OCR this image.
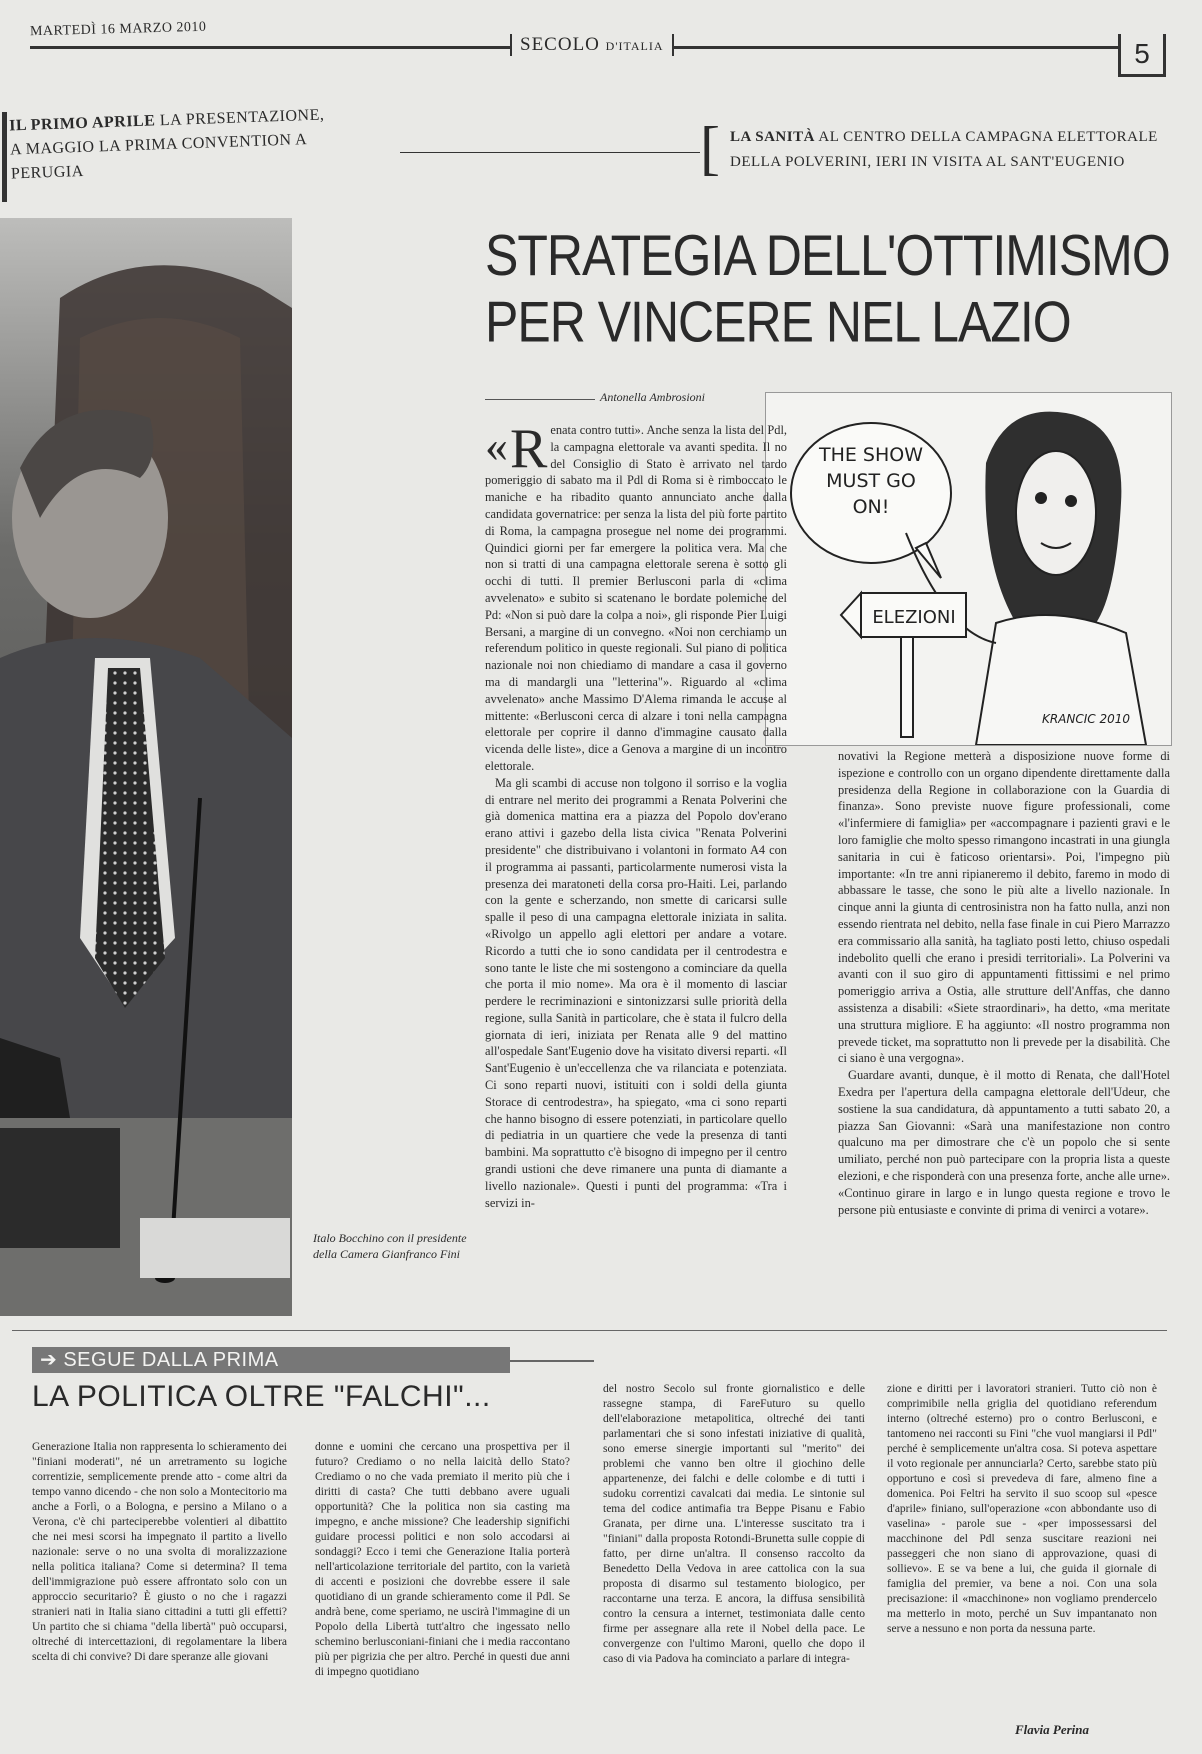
MARTEDÌ 16 MARZO 2010
SECOLO D'ITALIA	5
IL PRIMO APRILE LA PRESENTAZIONE,
A MAGGIO LA PRIMA CONVENTION A PERUGIA	[ LA SANITÀ AL CENTRO DELLA CAMPAGNA ELETTORALE
DELLA POLVERINI, IERI IN VISITA AL SANT'EUGENIO
STRATEGIA DELL'OTTIMISMO
PER VINCERE NEL LAZIO
Italo Bocchino con il presidente della Camera Gianfranco Fini
Antonella Ambrosioni
THE SHOW
MUST GO
ON!
ELEZIONI
KRANCIC 2010

« R enata contro tutti». Anche senza la lista del Pdl, la campagna elettorale va avanti spedita. Il no del Consiglio di Stato è arrivato nel tardo pomeriggio di sabato ma il Pdl di Roma si è rimboccato le maniche e ha ribadito quanto annunciato anche dalla candidata governatrice: per senza la lista del più forte partito di Roma, la campagna prosegue nel nome dei programmi. Quindici giorni per far emergere la politica vera. Ma che non si tratti di una campagna elettorale serena è sotto gli occhi di tutti. Il premier Berlusconi parla di «clima avvelenato» e subito si scatenano le bordate polemiche del Pd: «Non si può dare la colpa a noi», gli risponde Pier Luigi Bersani, a margine di un convegno. «Noi non cerchiamo un referendum politico in queste regionali. Sul piano di politica nazionale noi non chiediamo di mandare a casa il governo ma di mandargli una "letterina"». Riguardo al «clima avvelenato» anche Massimo D'Alema rimanda le accuse al mittente: «Berlusconi cerca di alzare i toni nella campagna elettorale per coprire il danno d'immagine causato dalla vicenda delle liste», dice a Genova a margine di un incontro elettorale.

Ma gli scambi di accuse non tolgono il sorriso e la voglia di entrare nel merito dei programmi a Renata Polverini che già domenica mattina era a piazza del Popolo dov'erano erano attivi i gazebo della lista civica "Renata Polverini presidente" che distribuivano i volantoni in formato A4 con il programma ai passanti, particolarmente numerosi vista la presenza dei maratoneti della corsa pro-Haiti. Lei, parlando con la gente e scherzando, non smette di caricarsi sulle spalle il peso di una campagna elettorale iniziata in salita. «Rivolgo un appello agli elettori per andare a votare. Ricordo a tutti che io sono candidata per il centrodestra e sono tante le liste che mi sostengono a cominciare da quella che porta il mio nome». Ma ora è il momento di lasciar perdere le recriminazioni e sintonizzarsi sulle priorità della regione, sulla Sanità in particolare, che è stata il fulcro della giornata di ieri, iniziata per Renata alle 9 del mattino all'ospedale Sant'Eugenio dove ha visitato diversi reparti. «Il Sant'Eugenio è un'eccellenza che va rilanciata e potenziata. Ci sono reparti nuovi, istituiti con i soldi della giunta Storace di centrodestra», ha spiegato, «ma ci sono reparti che hanno bisogno di essere potenziati, in particolare quello di pediatria in un quartiere che vede la presenza di tanti bambini. Ma soprattutto c'è bisogno di impegno per il centro grandi ustioni che deve rimanere una punta di diamante a livello nazionale». Questi i punti del programma: «Tra i servizi in-

novativi la Regione metterà a disposizione nuove forme di ispezione e controllo con un organo dipendente direttamente dalla presidenza della Regione in collaborazione con la Guardia di finanza». Sono previste nuove figure professionali, come «l'infermiere di famiglia» per «accompagnare i pazienti gravi e le loro famiglie che molto spesso rimangono incastrati in una giungla sanitaria in cui è faticoso orientarsi». Poi, l'impegno più importante: «In tre anni ripianeremo il debito, faremo in modo di abbassare le tasse, che sono le più alte a livello nazionale. In cinque anni la giunta di centrosinistra non ha fatto nulla, anzi non essendo rientrata nel debito, nella fase finale in cui Piero Marrazzo era commissario alla sanità, ha tagliato posti letto, chiuso ospedali indebolito quelli che erano i presidi territoriali». La Polverini va avanti con il suo giro di appuntamenti fittissimi e nel primo pomeriggio arriva a Ostia, alle strutture dell'Anffas, che danno assistenza a disabili: «Siete straordinari», ha detto, «ma meritate una struttura migliore. E ha aggiunto: «Il nostro programma non prevede ticket, ma soprattutto non li prevede per la disabilità. Che ci siano è una vergogna».

Guardare avanti, dunque, è il motto di Renata, che dall'Hotel Exedra per l'apertura della campagna elettorale dell'Udeur, che sostiene la sua candidatura, dà appuntamento a tutti sabato 20, a piazza San Giovanni: «Sarà una manifestazione non contro qualcuno ma per dimostrare che c'è un popolo che si sente umiliato, perché non può partecipare con la propria lista a queste elezioni, e che risponderà con una presenza forte, anche alle urne». «Continuo girare in largo e in lungo questa regione e trovo le persone più entusiaste e convinte di prima di venirci a votare».

➔ SEGUE DALLA PRIMA
LA POLITICA OLTRE "FALCHI"...
Generazione Italia non rappresenta lo schieramento dei "finiani moderati", né un arretramento su logiche correntizie, semplicemente prende atto - come altri da tempo vanno dicendo - che non solo a Montecitorio ma anche a Forlì, o a Bologna, e persino a Milano o a Verona, c'è chi parteciperebbe volentieri al dibattito che nei mesi scorsi ha impegnato il partito a livello nazionale: serve o no una svolta di moralizzazione nella politica italiana? Come si determina? Il tema dell'immigrazione può essere affrontato solo con un approccio securitario? È giusto o no che i ragazzi stranieri nati in Italia siano cittadini a tutti gli effetti? Un partito che si chiama "della libertà" può occuparsi, oltreché di intercettazioni, di regolamentare la libera scelta di chi convive? Di dare speranze alle giovani
donne e uomini che cercano una prospettiva per il futuro? Crediamo o no nella laicità dello Stato? Crediamo o no che vada premiato il merito più che i diritti di casta? Che tutti debbano avere uguali opportunità? Che la politica non sia casting ma impegno, e anche missione? Che leadership significhi guidare processi politici e non solo accodarsi ai sondaggi? Ecco i temi che Generazione Italia porterà nell'articolazione territoriale del partito, con la varietà di accenti e posizioni che dovrebbe essere il sale quotidiano di un grande schieramento come il Pdl. Se andrà bene, come speriamo, ne uscirà l'immagine di un Popolo della Libertà tutt'altro che ingessato nello schemino berlusconiani-finiani che i media raccontano più per pigrizia che per altro. Perché in questi due anni di impegno quotidiano
del nostro Secolo sul fronte giornalistico e delle rassegne stampa, di FareFuturo su quello dell'elaborazione metapolitica, oltreché dei tanti parlamentari che si sono infestati iniziative di qualità, sono emerse sinergie importanti sul "merito" dei problemi che vanno ben oltre il giochino delle appartenenze, dei falchi e delle colombe e di tutti i sudoku correntizi cavalcati dai media. Le sintonie sul tema del codice antimafia tra Beppe Pisanu e Fabio Granata, per dirne una. L'interesse suscitato tra i "finiani" dalla proposta Rotondi-Brunetta sulle coppie di fatto, per dirne un'altra. Il consenso raccolto da Benedetto Della Vedova in aree cattolica con la sua proposta di disarmo sul testamento biologico, per raccontarne una terza. E ancora, la diffusa sensibilità contro la censura a internet, testimoniata dalle cento firme per assegnare alla rete il Nobel della pace. Le convergenze con l'ultimo Maroni, quello che dopo il caso di via Padova ha cominciato a parlare di integra-
zione e diritti per i lavoratori stranieri. Tutto ciò non è comprimibile nella griglia del quotidiano referendum interno (oltreché esterno) pro o contro Berlusconi, e tantomeno nei racconti su Fini "che vuol mangiarsi il Pdl" perché è semplicemente un'altra cosa. Si poteva aspettare il voto regionale per annunciarla? Certo, sarebbe stato più opportuno e così si prevedeva di fare, almeno fine a domenica. Poi Feltri ha servito il suo scoop sul «pesce d'aprile» finiano, sull'operazione «con abbondante uso di vaselina» - parole sue - «per impossessarsi del macchinone del Pdl senza suscitare reazioni nei passeggeri che non siano di approvazione, quasi di sollievo». E se va bene a lui, che guida il giornale di famiglia del premier, va bene a noi. Con una sola precisazione: il «macchinone» non vogliamo prendercelo ma metterlo in moto, perché un Suv impantanato non serve a nessuno e non porta da nessuna parte.
Flavia Perina
